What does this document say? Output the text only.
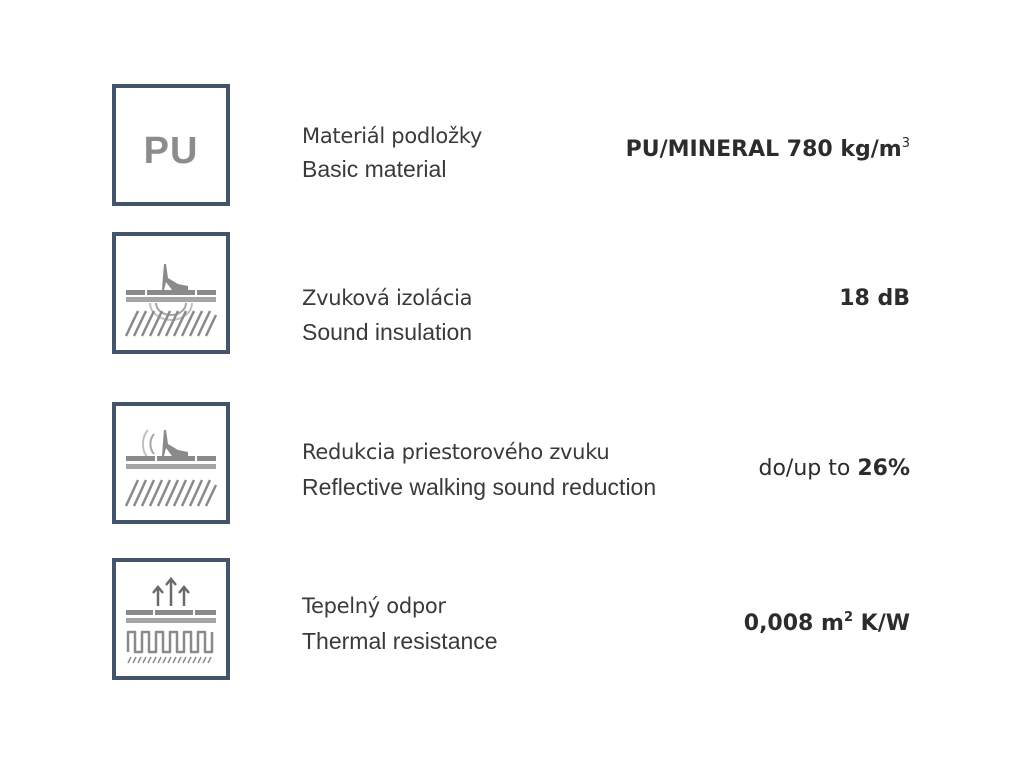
PU	Materiál podložky
Basic material
PU/MINERAL 780 $kg/m^3$
Zvuková izolácia
Sound insulation
18 dB
Redukcia priestorového zvuku
Reflective walking sound reduction
do/up to 26%
Tepelný odpor
Thermal resistance
0,008 $m^2$ K/W
